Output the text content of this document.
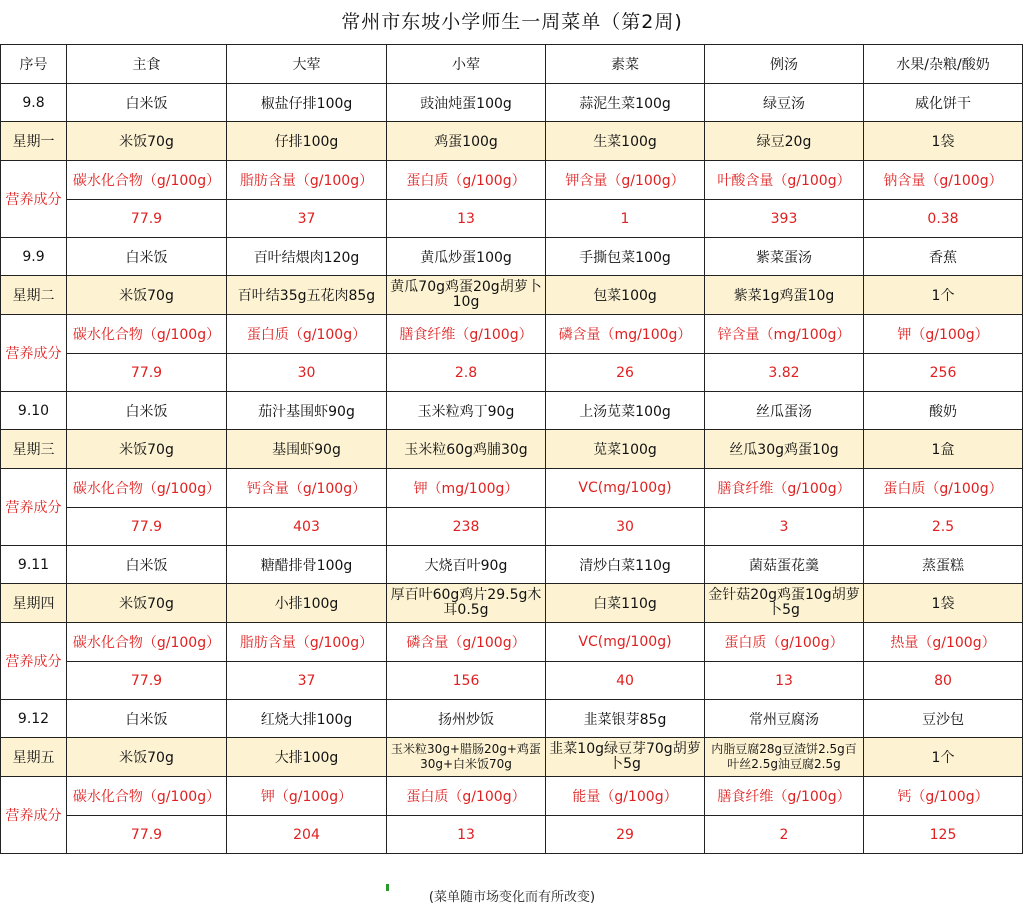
常州市东坡小学师生一周菜单（第2周)
序号	主食	大荤	小荤	素菜	例汤	水果/杂粮/酸奶
9.8	白米饭	椒盐仔排100g	豉油炖蛋100g	蒜泥生菜100g	绿豆汤	威化饼干
星期一	米饭70g	仔排100g	鸡蛋100g	生菜100g	绿豆20g	1袋
营养成分	碳水化合物（g/100g）	脂肪含量（g/100g）	蛋白质（g/100g）	钾含量（g/100g）	叶酸含量（g/100g）	钠含量（g/100g）
	77.9	37	13	1	393	0.38
9.9	白米饭	百叶结煨肉120g	黄瓜炒蛋100g	手撕包菜100g	紫菜蛋汤	香蕉
星期二	米饭70g	百叶结35g五花肉85g	黄瓜70g鸡蛋20g胡萝卜10g	包菜100g	紫菜1g鸡蛋10g	1个
营养成分	碳水化合物（g/100g）	蛋白质（g/100g）	膳食纤维（g/100g）	磷含量（mg/100g）	锌含量（mg/100g）	钾（g/100g）
	77.9	30	2.8	26	3.82	256
9.10	白米饭	茄汁基围虾90g	玉米粒鸡丁90g	上汤苋菜100g	丝瓜蛋汤	酸奶
星期三	米饭70g	基围虾90g	玉米粒60g鸡脯30g	苋菜100g	丝瓜30g鸡蛋10g	1盒
营养成分	碳水化合物（g/100g）	钙含量（g/100g）	钾（mg/100g）	VC(mg/100g)	膳食纤维（g/100g）	蛋白质（g/100g）
	77.9	403	238	30	3	2.5
9.11	白米饭	糖醋排骨100g	大烧百叶90g	清炒白菜110g	菌菇蛋花羹	蒸蛋糕
星期四	米饭70g	小排100g	厚百叶60g鸡片29.5g木耳0.5g	白菜110g	金针菇20g鸡蛋10g胡萝卜5g	1袋
营养成分	碳水化合物（g/100g）	脂肪含量（g/100g）	磷含量（g/100g）	VC(mg/100g)	蛋白质（g/100g）	热量（g/100g）
	77.9	37	156	40	13	80
9.12	白米饭	红烧大排100g	扬州炒饭	韭菜银芽85g	常州豆腐汤	豆沙包
星期五	米饭70g	大排100g	玉米粒30g+腊肠20g+鸡蛋30g+白米饭70g	韭菜10g绿豆芽70g胡萝卜5g	内脂豆腐28g豆渣饼2.5g百叶丝2.5g油豆腐2.5g	1个
营养成分	碳水化合物（g/100g）	钾（g/100g）	蛋白质（g/100g）	能量（g/100g）	膳食纤维（g/100g）	钙（g/100g）
	77.9	204	13	29	2	125
(菜单随市场变化而有所改变)
